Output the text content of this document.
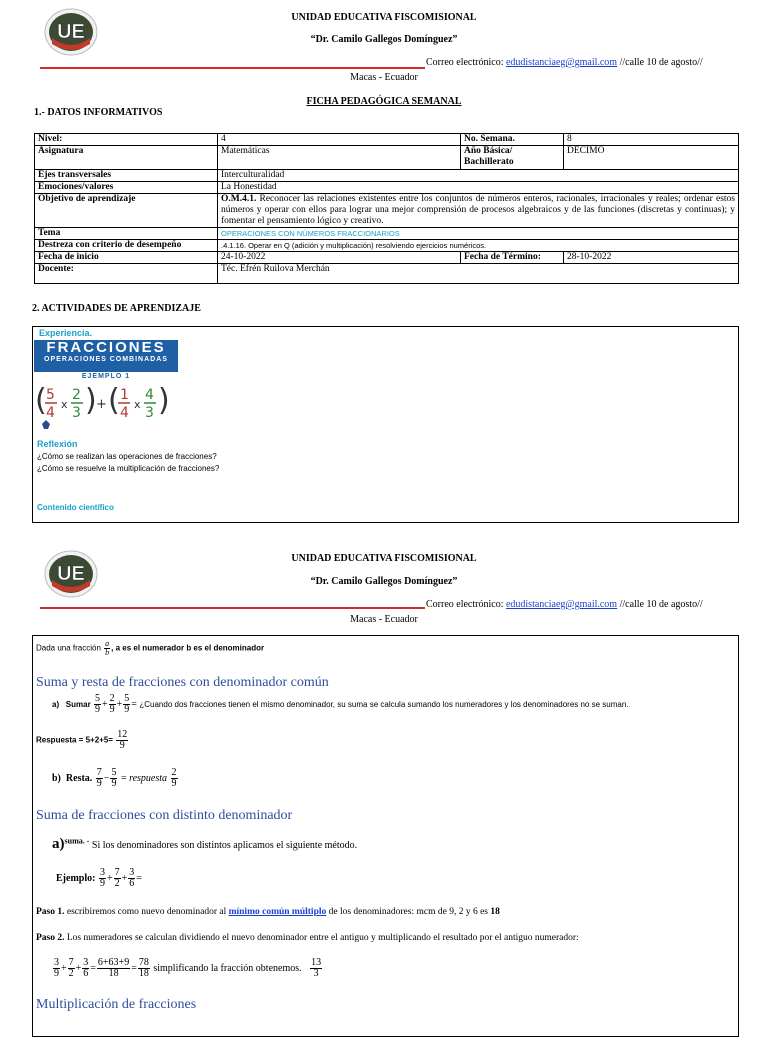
UE
UNIDAD EDUCATIVA FISCOMISIONAL
“Dr. Camilo Gallegos Domínguez”
Correo electrónico: edudistanciaeg@gmail.com //calle 10 de agosto//
Macas - Ecuador
FICHA PEDAGÓGICA SEMANAL
1.- DATOS INFORMATIVOS
Nivel:	4	No. Semana.	8
Asignatura	Matemáticas	Año Básica/ Bachillerato	DECIMO
Ejes transversales	Interculturalidad		
Emociones/valores	La Honestidad		
Objetivo de aprendizaje	O.M.4.1. Reconocer las relaciones existentes entre los conjuntos de números enteros, racionales, irracionales y reales; ordenar estos números y operar con ellos para lograr una mejor comprensión de procesos algebraicos y de las funciones (discretas y continuas); y fomentar el pensamiento lógico y creativo.		
Tema	OPERACIONES CON NÚMEROS FRACCIONARIOS		
Destreza con criterio de desempeño	.4.1.16. Operar en Q (adición y multiplicación) resolviendo ejercicios numéricos.		
Fecha de inicio	24-10-2022	Fecha de Término:	28-10-2022
Docente:	Téc. Efrén Ruilova Merchán		
2. ACTIVIDADES DE APRENDIZAJE
Experiencia.
FRACCIONES
OPERACIONES COMBINADAS
EJEMPLO 1
( 5
4
x
2
3 ) + ( 1
4
x
4
3 )
Reflexión
¿Cómo se realizan las operaciones de fracciones?
¿Cómo se resuelve la multiplicación de fracciones?
Contenido científico
UE
UNIDAD EDUCATIVA FISCOMISIONAL
“Dr. Camilo Gallegos Domínguez”
Correo electrónico: edudistanciaeg@gmail.com //calle 10 de agosto//
Macas - Ecuador
Dada una fracción $\frac{a}{b}$ , a es el numerador b es el denominador
Suma y resta de fracciones con denominador común
a) Sumar $\frac{5}{9} + \frac{2}{9} + \frac{5}{9}$ = ¿Cuando dos fracciones tienen el mismo denominador, su suma se calcula sumando los numeradores y los denominadores no se suman.
Respuesta = $5+2+5= \frac{12}{9}$
b) Resta. $\frac{7}{9} - \frac{5}{9}$ = respuesta $\frac{2}{9}$
Suma de fracciones con distinto denominador
a)$^{suma. -}$ Si los denominadores son distintos aplicamos el siguiente método.
Ejemplo: $\frac{3}{9} + \frac{7}{2} + \frac{3}{6}$ =
Paso 1. escribiremos como nuevo denominador al mínimo común múltiplo de los denominadores: mcm de 9, 2 y 6 es 18
Paso 2. Los numeradores se calculan dividiendo el nuevo denominador entre el antiguo y multiplicando el resultado por el antiguo numerador:
$\frac{3}{9} + \frac{7}{2} + \frac{3}{6} = \frac{6+63+9}{18} = \frac{78}{18}$ simplificando la fracción obtenemos. $\frac{13}{3}$
Multiplicación de fracciones
